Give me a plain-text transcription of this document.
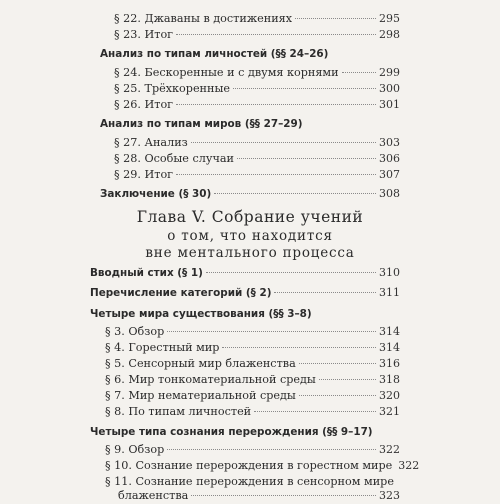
§ 22. Джаваны в достижениях	295
§ 23. Итог	298
Анализ по типам личностей (§§ 24–26)
§ 24. Бескоренные и с двумя корнями	299
§ 25. Трёхкоренные	300
§ 26. Итог	301
Анализ по типам миров (§§ 27–29)
§ 27. Анализ	303
§ 28. Особые случаи	306
§ 29. Итог	307
Заключение (§ 30)	308
Глава V. Собрание учений
о том, что находится
вне ментального процесса
Вводный стих (§ 1)	310
Перечисление категорий (§ 2)	311
Четыре мира существования (§§ 3–8)
§ 3. Обзор	314
§ 4. Горестный мир	314
§ 5. Сенсорный мир блаженства	316
§ 6. Мир тонкоматериальной среды	318
§ 7. Мир нематериальной среды	320
§ 8. По типам личностей	321
Четыре типа сознания перерождения (§§ 9–17)
§ 9. Обзор	322
§ 10. Сознание перерождения в горестном мире 322
§ 11. Сознание перерождения в сенсорном мире
блаженства	323
